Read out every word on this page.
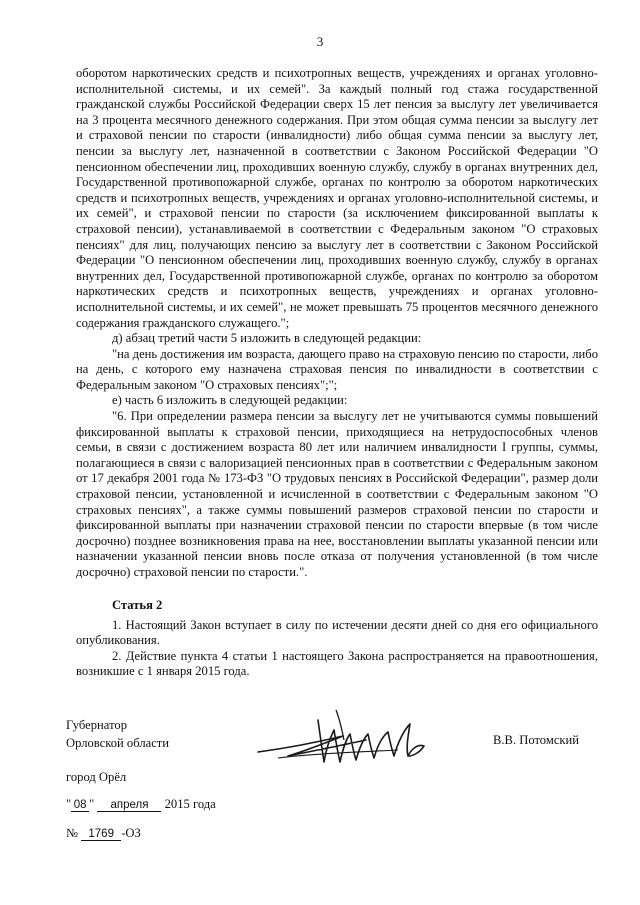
3

оборотом наркотических средств и психотропных веществ, учреждениях и органах уголовно-исполнительной системы, и их семей". За каждый полный год стажа государственной гражданской службы Российской Федерации сверх 15 лет пенсия за выслугу лет увеличивается на 3 процента месячного денежного содержания. При этом общая сумма пенсии за выслугу лет и страховой пенсии по старости (инвалидности) либо общая сумма пенсии за выслугу лет, пенсии за выслугу лет, назначенной в соответствии с Законом Российской Федерации "О пенсионном обеспечении лиц, проходивших военную службу, службу в органах внутренних дел, Государственной противопожарной службе, органах по контролю за оборотом наркотических средств и психотропных веществ, учреждениях и органах уголовно-исполнительной системы, и их семей", и страховой пенсии по старости (за исключением фиксированной выплаты к страховой пенсии), устанавливаемой в соответствии с Федеральным законом "О страховых пенсиях" для лиц, получающих пенсию за выслугу лет в соответствии с Законом Российской Федерации "О пенсионном обеспечении лиц, проходивших военную службу, службу в органах внутренних дел, Государственной противопожарной службе, органах по контролю за оборотом наркотических средств и психотропных веществ, учреждениях и органах уголовно-исполнительной системы, и их семей", не может превышать 75 процентов месячного денежного содержания гражданского служащего.";

д) абзац третий части 5 изложить в следующей редакции:

"на день достижения им возраста, дающего право на страховую пенсию по старости, либо на день, с которого ему назначена страховая пенсия по инвалидности в соответствии с Федеральным законом "О страховых пенсиях";";

е) часть 6 изложить в следующей редакции:

"6. При определении размера пенсии за выслугу лет не учитываются суммы повышений фиксированной выплаты к страховой пенсии, приходящиеся на нетрудоспособных членов семьи, в связи с достижением возраста 80 лет или наличием инвалидности I группы, суммы, полагающиеся в связи с валоризацией пенсионных прав в соответствии с Федеральным законом от 17 декабря 2001 года № 173-ФЗ "О трудовых пенсиях в Российской Федерации", размер доли страховой пенсии, установленной и исчисленной в соответствии с Федеральным законом "О страховых пенсиях", а также суммы повышений размеров страховой пенсии по старости и фиксированной выплаты при назначении страховой пенсии по старости впервые (в том числе досрочно) позднее возникновения права на нее, восстановлении выплаты указанной пенсии или назначении указанной пенсии вновь после отказа от получения установленной (в том числе досрочно) страховой пенсии по старости.".

Статья 2

1. Настоящий Закон вступает в силу по истечении десяти дней со дня его официального опубликования.

2. Действие пункта 4 статьи 1 настоящего Закона распространяется на правоотношения, возникшие с 1 января 2015 года.

Губернатор
Орловской области	В.В. Потомский
город Орёл
" 08 " апреля 2015 года
№ 1769 -ОЗ
